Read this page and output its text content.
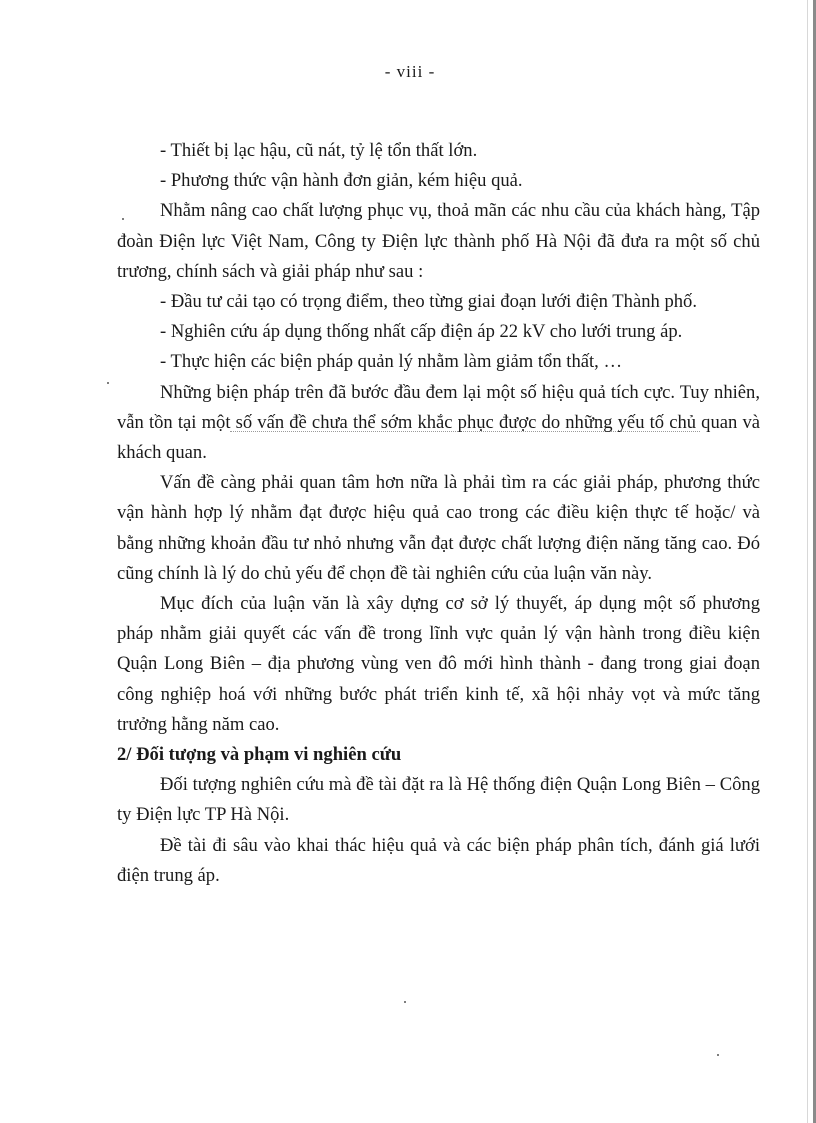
- viii -

- Thiết bị lạc hậu, cũ nát, tỷ lệ tổn thất lớn.

- Phương thức vận hành đơn giản, kém hiệu quả.

Nhằm nâng cao chất lượng phục vụ, thoả mãn các nhu cầu của khách hàng, Tập đoàn Điện lực Việt Nam, Công ty Điện lực thành phố Hà Nội đã đưa ra một số chủ trương, chính sách và giải pháp như sau :

- Đầu tư cải tạo có trọng điểm, theo từng giai đoạn lưới điện Thành phố.

- Nghiên cứu áp dụng thống nhất cấp điện áp 22 kV cho lưới trung áp.

- Thực hiện các biện pháp quản lý nhằm làm giảm tổn thất, …

Những biện pháp trên đã bước đầu đem lại một số hiệu quả tích cực. Tuy nhiên, vẫn tồn tại một số vấn đề chưa thể sớm khắc phục được do những yếu tố chủ quan và khách quan.

Vấn đề càng phải quan tâm hơn nữa là phải tìm ra các giải pháp, phương thức vận hành hợp lý nhằm đạt được hiệu quả cao trong các điều kiện thực tế hoặc/ và bằng những khoản đầu tư nhỏ nhưng vẫn đạt được chất lượng điện năng tăng cao. Đó cũng chính là lý do chủ yếu để chọn đề tài nghiên cứu của luận văn này.

Mục đích của luận văn là xây dựng cơ sở lý thuyết, áp dụng một số phương pháp nhằm giải quyết các vấn đề trong lĩnh vực quản lý vận hành trong điều kiện Quận Long Biên – địa phương vùng ven đô mới hình thành - đang trong giai đoạn công nghiệp hoá với những bước phát triển kinh tế, xã hội nhảy vọt và mức tăng trưởng hằng năm cao.

2/ Đối tượng và phạm vi nghiên cứu

Đối tượng nghiên cứu mà đề tài đặt ra là Hệ thống điện Quận Long Biên – Công ty Điện lực TP Hà Nội.

Đề tài đi sâu vào khai thác hiệu quả và các biện pháp phân tích, đánh giá lưới điện trung áp.
